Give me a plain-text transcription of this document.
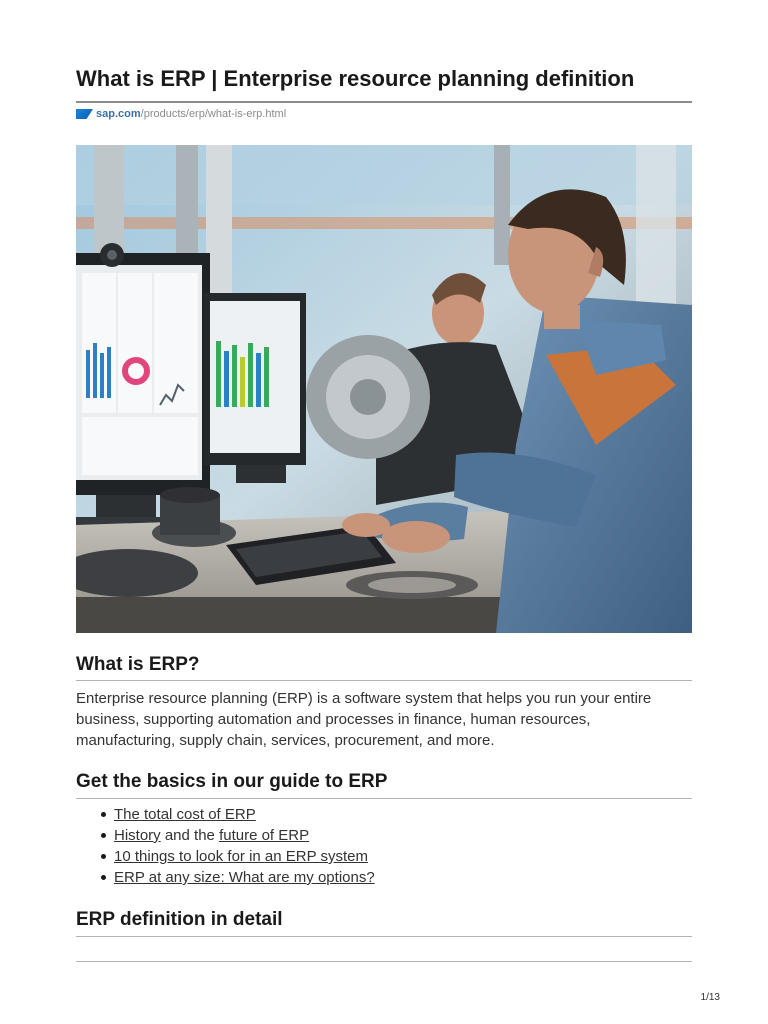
What is ERP | Enterprise resource planning definition
sap.com/products/erp/what-is-erp.html
What is ERP?

Enterprise resource planning (ERP) is a software system that helps you run your entire business, supporting automation and processes in finance, human resources, manufacturing, supply chain, services, procurement, and more.

Get the basics in our guide to ERP
The total cost of ERP
History and the future of ERP
10 things to look for in an ERP system
ERP at any size: What are my options?
ERP definition in detail
1/13
